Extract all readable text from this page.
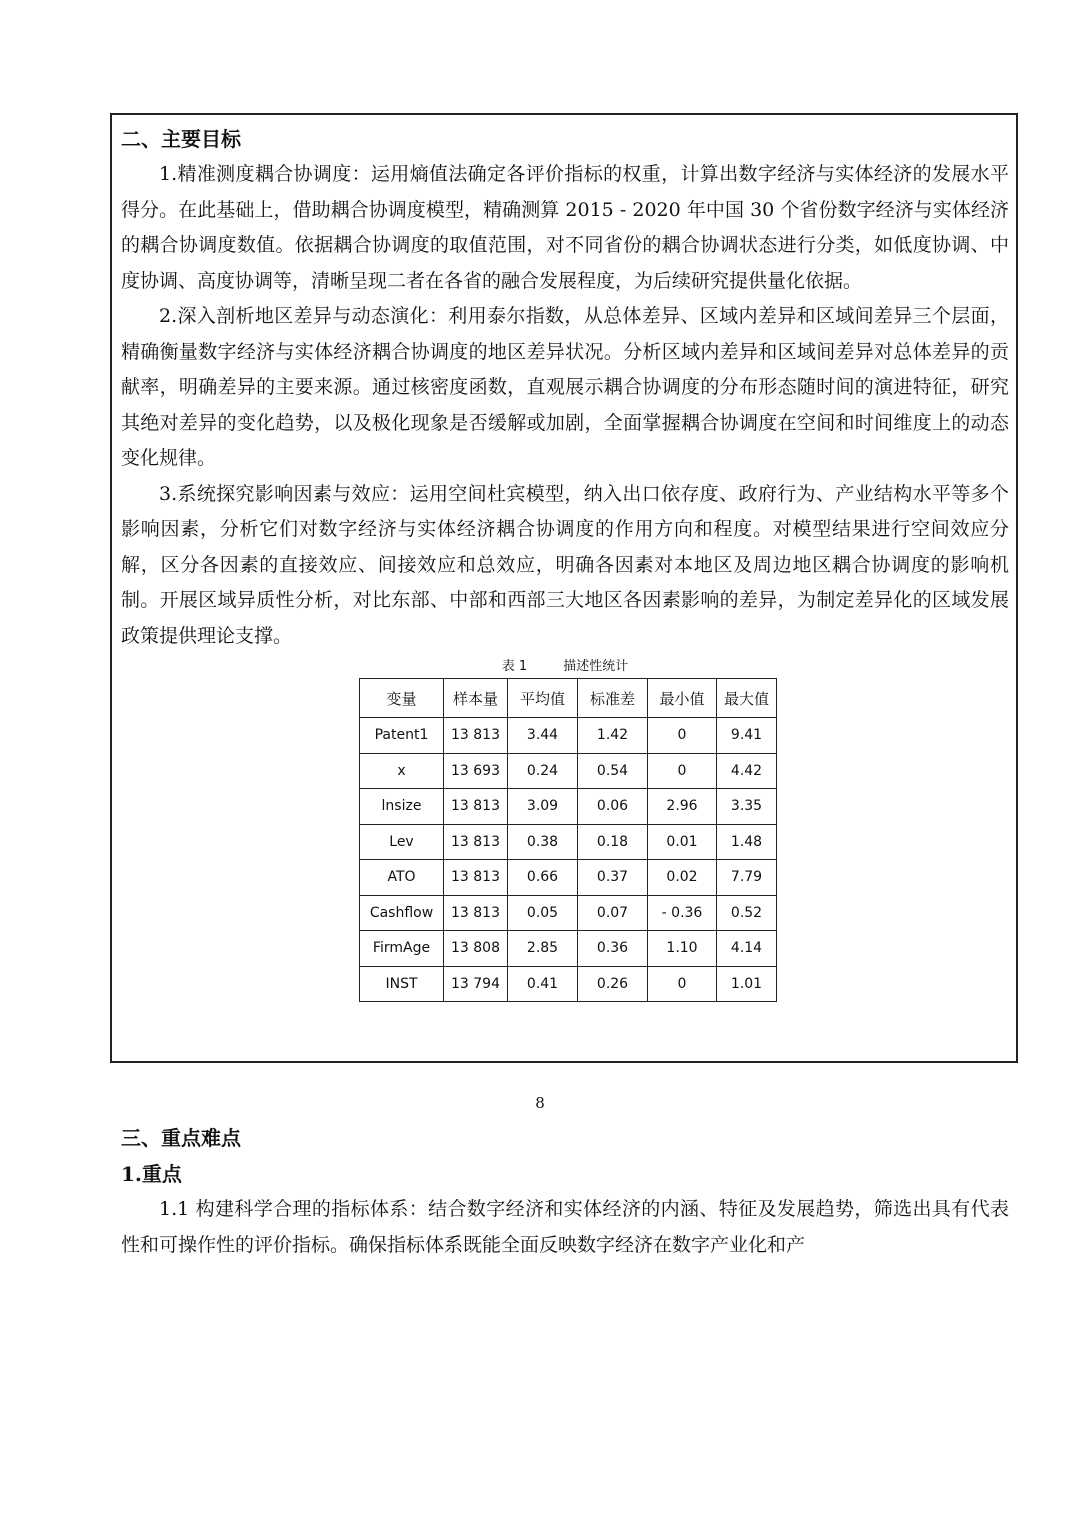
二、主要目标

1.精准测度耦合协调度：运用熵值法确定各评价指标的权重，计算出数字经济与实体经济的发展水平得分。在此基础上，借助耦合协调度模型，精确测算 2015 - 2020 年中国 30 个省份数字经济与实体经济的耦合协调度数值。依据耦合协调度的取值范围，对不同省份的耦合协调状态进行分类，如低度协调、中度协调、高度协调等，清晰呈现二者在各省的融合发展程度，为后续研究提供量化依据。

2.深入剖析地区差异与动态演化：利用泰尔指数，从总体差异、区域内差异和区域间差异三个层面，精确衡量数字经济与实体经济耦合协调度的地区差异状况。分析区域内差异和区域间差异对总体差异的贡献率，明确差异的主要来源。通过核密度函数，直观展示耦合协调度的分布形态随时间的演进特征，研究其绝对差异的变化趋势，以及极化现象是否缓解或加剧，全面掌握耦合协调度在空间和时间维度上的动态变化规律。

3.系统探究影响因素与效应：运用空间杜宾模型，纳入出口依存度、政府行为、产业结构水平等多个影响因素，分析它们对数字经济与实体经济耦合协调度的作用方向和程度。对模型结果进行空间效应分解，区分各因素的直接效应、间接效应和总效应，明确各因素对本地区及周边地区耦合协调度的影响机制。开展区域异质性分析，对比东部、中部和西部三大地区各因素影响的差异，为制定差异化的区域发展政策提供理论支撑。

表 1	描述性统计
变量	样本量	平均值	标准差	最小值	最大值
Patent1	13 813	3.44	1.42	0	9.41
x	13 693	0.24	0.54	0	4.42
lnsize	13 813	3.09	0.06	2.96	3.35
Lev	13 813	0.38	0.18	0.01	1.48
ATO	13 813	0.66	0.37	0.02	7.79
Cashflow	13 813	0.05	0.07	- 0.36	0.52
FirmAge	13 808	2.85	0.36	1.10	4.14
INST	13 794	0.41	0.26	0	1.01
三、重点难点
1.重点

1.1 构建科学合理的指标体系：结合数字经济和实体经济的内涵、特征及发展趋势，筛选出具有代表性和可操作性的评价指标。确保指标体系既能全面反映数字经济在数字产业化和产

8
